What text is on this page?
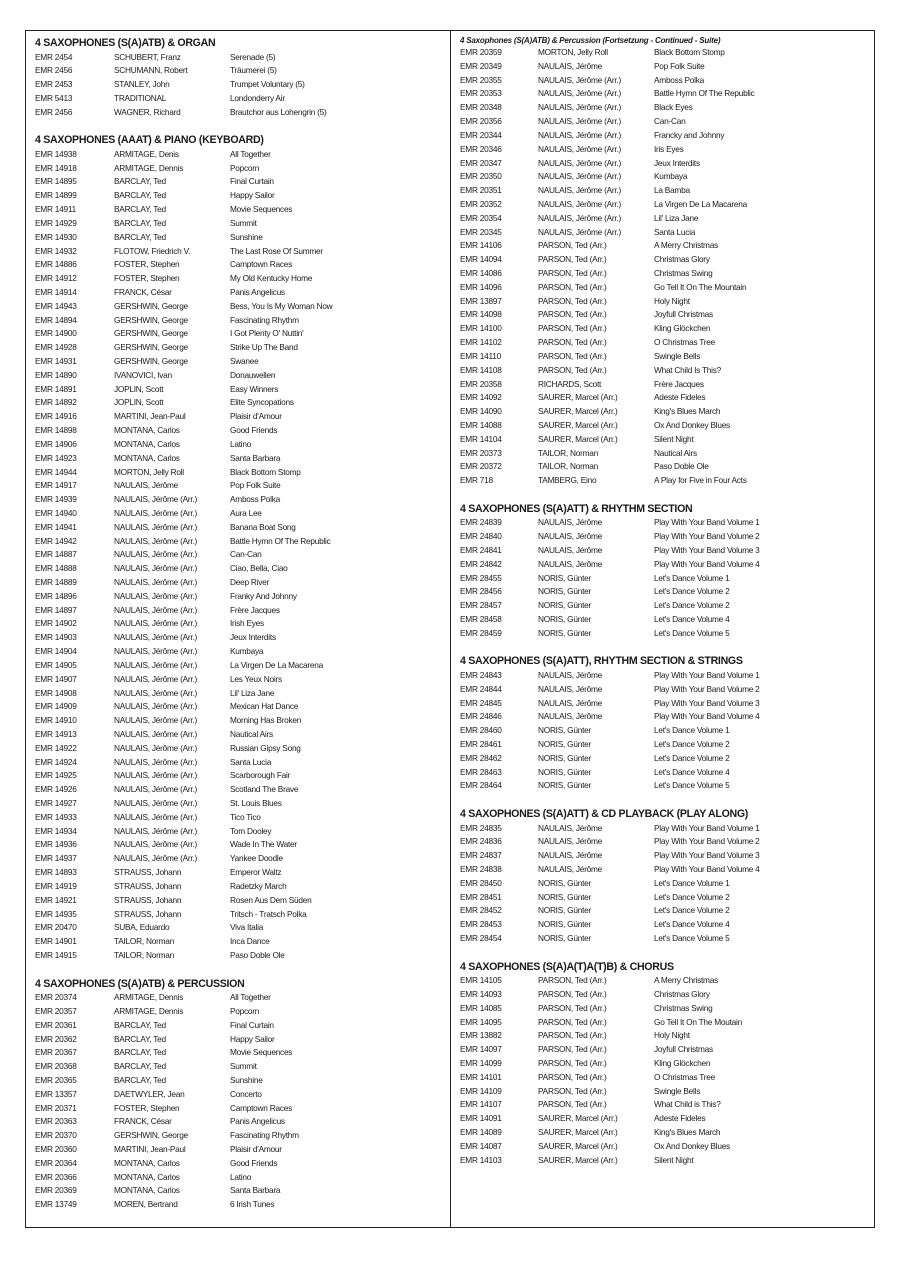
4 SAXOPHONES (S(A)ATB) & ORGAN
EMR 2454	SCHUBERT, Franz	Serenade (5)
EMR 2456	SCHUMANN, Robert	Träumerei (5)
EMR 2453	STANLEY, John	Trumpet Voluntary (5)
EMR 5413	TRADITIONAL	Londonderry Air
EMR 2456	WAGNER, Richard	Brautchor aus Lohengrin (5)
4 SAXOPHONES (AAAT) & PIANO (KEYBOARD)
EMR 14938	ARMITAGE, Denis	All Together
EMR 14918	ARMITAGE, Dennis	Popcorn
EMR 14895	BARCLAY, Ted	Final Curtain
EMR 14899	BARCLAY, Ted	Happy Sailor
EMR 14911	BARCLAY, Ted	Movie Sequences
EMR 14929	BARCLAY, Ted	Summit
EMR 14930	BARCLAY, Ted	Sunshine
EMR 14932	FLOTOW, Friedrich V.	The Last Rose Of Summer
EMR 14886	FOSTER, Stephen	Camptown Races
EMR 14912	FOSTER, Stephen	My Old Kentucky Home
EMR 14914	FRANCK, César	Panis Angelicus
EMR 14943	GERSHWIN, George	Bess, You Is My Woman Now
EMR 14894	GERSHWIN, George	Fascinating Rhythm
EMR 14900	GERSHWIN, George	I Got Plenty O' Nuttin'
EMR 14928	GERSHWIN, George	Strike Up The Band
EMR 14931	GERSHWIN, George	Swanee
EMR 14890	IVANOVICI, Ivan	Donauwellen
EMR 14891	JOPLIN, Scott	Easy Winners
EMR 14892	JOPLIN, Scott	Elite Syncopations
EMR 14916	MARTINI, Jean-Paul	Plaisir d'Amour
EMR 14898	MONTANA, Carlos	Good Friends
EMR 14906	MONTANA, Carlos	Latino
EMR 14923	MONTANA, Carlos	Santa Barbara
EMR 14944	MORTON, Jelly Roll	Black Bottom Stomp
EMR 14917	NAULAIS, Jérôme	Pop Folk Suite
EMR 14939	NAULAIS, Jérôme (Arr.)	Amboss Polka
EMR 14940	NAULAIS, Jérôme (Arr.)	Aura Lee
EMR 14941	NAULAIS, Jérôme (Arr.)	Banana Boat Song
EMR 14942	NAULAIS, Jérôme (Arr.)	Battle Hymn Of The Republic
EMR 14887	NAULAIS, Jérôme (Arr.)	Can-Can
EMR 14888	NAULAIS, Jérôme (Arr.)	Ciao, Bella, Ciao
EMR 14889	NAULAIS, Jérôme (Arr.)	Deep River
EMR 14896	NAULAIS, Jérôme (Arr.)	Franky And Johnny
EMR 14897	NAULAIS, Jérôme (Arr.)	Frère Jacques
EMR 14902	NAULAIS, Jérôme (Arr.)	Irish Eyes
EMR 14903	NAULAIS, Jérôme (Arr.)	Jeux Interdits
EMR 14904	NAULAIS, Jérôme (Arr.)	Kumbaya
EMR 14905	NAULAIS, Jérôme (Arr.)	La Virgen De La Macarena
EMR 14907	NAULAIS, Jérôme (Arr.)	Les Yeux Noirs
EMR 14908	NAULAIS, Jérôme (Arr.)	Lil' Liza Jane
EMR 14909	NAULAIS, Jérôme (Arr.)	Mexican Hat Dance
EMR 14910	NAULAIS, Jérôme (Arr.)	Morning Has Broken
EMR 14913	NAULAIS, Jérôme (Arr.)	Nautical Airs
EMR 14922	NAULAIS, Jérôme (Arr.)	Russian Gipsy Song
EMR 14924	NAULAIS, Jérôme (Arr.)	Santa Lucia
EMR 14925	NAULAIS, Jérôme (Arr.)	Scarborough Fair
EMR 14926	NAULAIS, Jérôme (Arr.)	Scotland The Brave
EMR 14927	NAULAIS, Jérôme (Arr.)	St. Louis Blues
EMR 14933	NAULAIS, Jérôme (Arr.)	Tico Tico
EMR 14934	NAULAIS, Jérôme (Arr.)	Tom Dooley
EMR 14936	NAULAIS, Jérôme (Arr.)	Wade In The Water
EMR 14937	NAULAIS, Jérôme (Arr.)	Yankee Doodle
EMR 14893	STRAUSS, Johann	Emperor Waltz
EMR 14919	STRAUSS, Johann	Radetzky March
EMR 14921	STRAUSS, Johann	Rosen Aus Dem Süden
EMR 14935	STRAUSS, Johann	Tritsch - Tratsch Polka
EMR 20470	SUBA, Eduardo	Viva Italia
EMR 14901	TAILOR, Norman	Inca Dance
EMR 14915	TAILOR, Norman	Paso Doble Ole
4 SAXOPHONES (S(A)ATB) & PERCUSSION
EMR 20374	ARMITAGE, Dennis	All Together
EMR 20357	ARMITAGE, Dennis	Popcorn
EMR 20361	BARCLAY, Ted	Final Curtain
EMR 20362	BARCLAY, Ted	Happy Sailor
EMR 20367	BARCLAY, Ted	Movie Sequences
EMR 20368	BARCLAY, Ted	Summit
EMR 20365	BARCLAY, Ted	Sunshine
EMR 13357	DAETWYLER, Jean	Concerto
EMR 20371	FOSTER, Stephen	Camptown Races
EMR 20363	FRANCK, César	Panis Angelicus
EMR 20370	GERSHWIN, George	Fascinating Rhythm
EMR 20360	MARTINI, Jean-Paul	Plaisir d'Amour
EMR 20364	MONTANA, Carlos	Good Friends
EMR 20366	MONTANA, Carlos	Latino
EMR 20369	MONTANA, Carlos	Santa Barbara
EMR 13749	MOREN, Bertrand	6 Irish Tunes
4 Saxophones (S(A)ATB) & Percussion (Fortsetzung - Continued - Suite)
EMR 20359	MORTON, Jelly Roll	Black Bottom Stomp
EMR 20349	NAULAIS, Jérôme	Pop Folk Suite
EMR 20355	NAULAIS, Jérôme (Arr.)	Amboss Polka
EMR 20353	NAULAIS, Jérôme (Arr.)	Battle Hymn Of The Republic
EMR 20348	NAULAIS, Jérôme (Arr.)	Black Eyes
EMR 20356	NAULAIS, Jérôme (Arr.)	Can-Can
EMR 20344	NAULAIS, Jérôme (Arr.)	Francky and Johnny
EMR 20346	NAULAIS, Jérôme (Arr.)	Iris Eyes
EMR 20347	NAULAIS, Jérôme (Arr.)	Jeux Interdits
EMR 20350	NAULAIS, Jérôme (Arr.)	Kumbaya
EMR 20351	NAULAIS, Jérôme (Arr.)	La Bamba
EMR 20352	NAULAIS, Jérôme (Arr.)	La Virgen De La Macarena
EMR 20354	NAULAIS, Jérôme (Arr.)	Lil' Liza Jane
EMR 20345	NAULAIS, Jérôme (Arr.)	Santa Lucia
EMR 14106	PARSON, Ted (Arr.)	A Merry Christmas
EMR 14094	PARSON, Ted (Arr.)	Christmas Glory
EMR 14086	PARSON, Ted (Arr.)	Christmas Swing
EMR 14096	PARSON, Ted (Arr.)	Go Tell It On The Mountain
EMR 13897	PARSON, Ted (Arr.)	Holy Night
EMR 14098	PARSON, Ted (Arr.)	Joyfull Christmas
EMR 14100	PARSON, Ted (Arr.)	Kling Glöckchen
EMR 14102	PARSON, Ted (Arr.)	O Christmas Tree
EMR 14110	PARSON, Ted (Arr.)	Swingle Bells
EMR 14108	PARSON, Ted (Arr.)	What Child Is This?
EMR 20358	RICHARDS, Scott	Frère Jacques
EMR 14092	SAURER, Marcel (Arr.)	Adeste Fideles
EMR 14090	SAURER, Marcel (Arr.)	King's Blues March
EMR 14088	SAURER, Marcel (Arr.)	Ox And Donkey Blues
EMR 14104	SAURER, Marcel (Arr.)	Silent Night
EMR 20373	TAILOR, Norman	Nautical Airs
EMR 20372	TAILOR, Norman	Paso Doble Ole
EMR 718	TAMBERG, Eino	A Play for Five in Four Acts
4 SAXOPHONES (S(A)ATT) & RHYTHM SECTION
EMR 24839	NAULAIS, Jérôme	Play With Your Band Volume 1
EMR 24840	NAULAIS, Jérôme	Play With Your Band Volume 2
EMR 24841	NAULAIS, Jérôme	Play With Your Band Volume 3
EMR 24842	NAULAIS, Jérôme	Play With Your Band Volume 4
EMR 28455	NORIS, Günter	Let's Dance Volume 1
EMR 28456	NORIS, Günter	Let's Dance Volume 2
EMR 28457	NORIS, Günter	Let's Dance Volume 2
EMR 28458	NORIS, Günter	Let's Dance Volume 4
EMR 28459	NORIS, Günter	Let's Dance Volume 5
4 SAXOPHONES (S(A)ATT), RHYTHM SECTION & STRINGS
EMR 24843	NAULAIS, Jérôme	Play With Your Band Volume 1
EMR 24844	NAULAIS, Jérôme	Play With Your Band Volume 2
EMR 24845	NAULAIS, Jérôme	Play With Your Band Volume 3
EMR 24846	NAULAIS, Jérôme	Play With Your Band Volume 4
EMR 28460	NORIS, Günter	Let's Dance Volume 1
EMR 28461	NORIS, Günter	Let's Dance Volume 2
EMR 28462	NORIS, Günter	Let's Dance Volume 2
EMR 28463	NORIS, Günter	Let's Dance Volume 4
EMR 28464	NORIS, Günter	Let's Dance Volume 5
4 SAXOPHONES (S(A)ATT) & CD PLAYBACK (PLAY ALONG)
EMR 24835	NAULAIS, Jérôme	Play With Your Band Volume 1
EMR 24836	NAULAIS, Jérôme	Play With Your Band Volume 2
EMR 24837	NAULAIS, Jérôme	Play With Your Band Volume 3
EMR 24838	NAULAIS, Jérôme	Play With Your Band Volume 4
EMR 28450	NORIS, Günter	Let's Dance Volume 1
EMR 28451	NORIS, Günter	Let's Dance Volume 2
EMR 28452	NORIS, Günter	Let's Dance Volume 2
EMR 28453	NORIS, Günter	Let's Dance Volume 4
EMR 28454	NORIS, Günter	Let's Dance Volume 5
4 SAXOPHONES (S(A)A(T)A(T)B) & CHORUS
EMR 14105	PARSON, Ted (Arr.)	A Merry Christmas
EMR 14093	PARSON, Ted (Arr.)	Christmas Glory
EMR 14085	PARSON, Ted (Arr.)	Christmas Swing
EMR 14095	PARSON, Ted (Arr.)	Go Tell It On The Moutain
EMR 13882	PARSON, Ted (Arr.)	Holy Night
EMR 14097	PARSON, Ted (Arr.)	Joyfull Christmas
EMR 14099	PARSON, Ted (Arr.)	Kling Glöckchen
EMR 14101	PARSON, Ted (Arr.)	O Christmas Tree
EMR 14109	PARSON, Ted (Arr.)	Swingle Bells
EMR 14107	PARSON, Ted (Arr.)	What Child is This?
EMR 14091	SAURER, Marcel (Arr.)	Adeste Fideles
EMR 14089	SAURER, Marcel (Arr.)	King's Blues March
EMR 14087	SAURER, Marcel (Arr.)	Ox And Donkey Blues
EMR 14103	SAURER, Marcel (Arr.)	Silent Night
